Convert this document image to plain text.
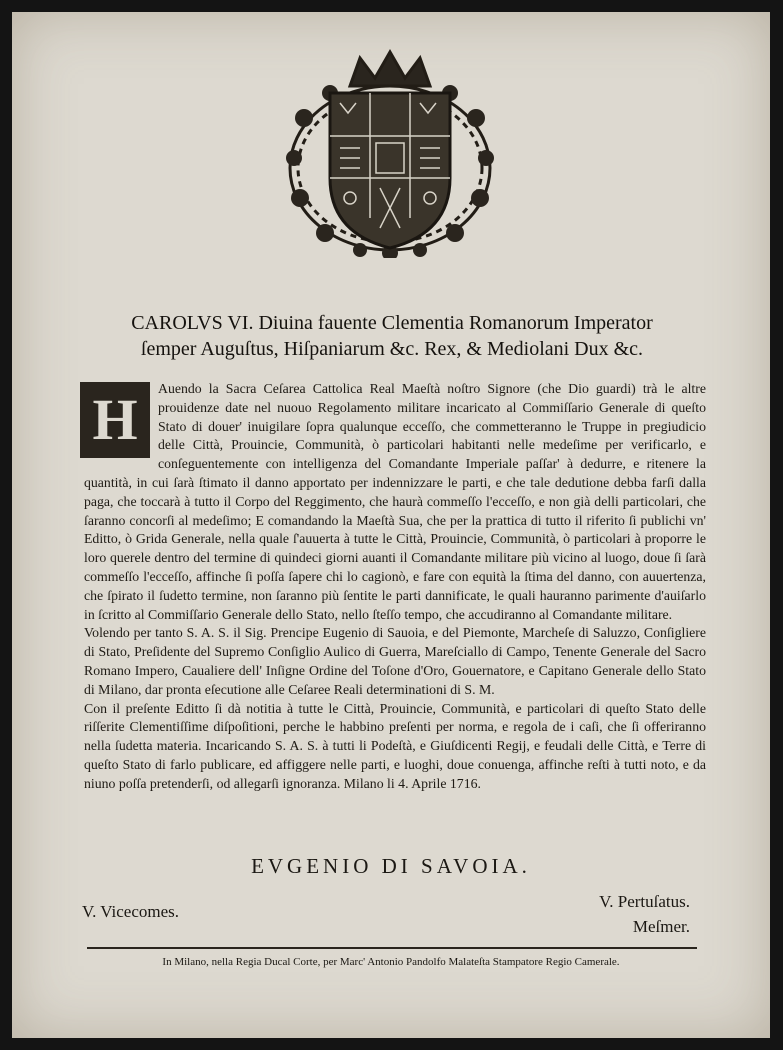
CAROLVS VI. Diuina fauente Clementia Romanorum Imperator
ſemper Auguſtus, Hiſpaniarum &c. Rex, & Mediolani Dux &c.
H	Auendo la Sacra Ceſarea Cattolica Real Maeſtà noſtro Signore (che Dio guardi) trà le altre prouidenze date nel nuouo Regolamento militare incaricato al Commiſſario Generale di queſto Stato di douer' inuigilare ſopra qualunque ecceſſo, che commetteranno le Truppe in pregiudicio delle Città, Prouincie, Communità, ò particolari habitanti nelle medeſime per verificarlo, e conſeguentemente con intelligenza del Comandante Imperiale paſſar' à dedurre, e ritenere la quantità, in cui ſarà ſtimato il danno apportato per indennizzare le parti, e che tale dedutione debba farſi dalla paga, che toccarà à tutto il Corpo del Reggimento, che haurà commeſſo l'ecceſſo, e non già delli particolari, che ſaranno concorſi al medeſimo; E comandando la Maeſtà Sua, che per la prattica di tutto il riferito ſi publichi vn' Editto, ò Grida Generale, nella quale ſ'auuerta à tutte le Città, Prouincie, Communità, ò particolari à proporre le loro querele dentro del termine di quindeci giorni auanti il Comandante militare più vicino al luogo, doue ſi ſarà commeſſo l'ecceſſo, affinche ſi poſſa ſapere chi lo cagionò, e fare con equità la ſtima del danno, con auuertenza, che ſpirato il ſudetto termine, non ſaranno più ſentite le parti dannificate, le quali hauranno parimente d'auiſarlo in ſcritto al Commiſſario Generale dello Stato, nello ſteſſo tempo, che accudiranno al Comandante militare.

Volendo per tanto S. A. S. il Sig. Prencipe Eugenio di Sauoia, e del Piemonte, Marcheſe di Saluzzo, Conſigliere di Stato, Preſidente del Supremo Conſiglio Aulico di Guerra, Mareſciallo di Campo, Tenente Generale del Sacro Romano Impero, Caualiere dell' Inſigne Ordine del Toſone d'Oro, Gouernatore, e Capitano Generale dello Stato di Milano, dar pronta eſecutione alle Ceſaree Reali determinationi di S. M.

Con il preſente Editto ſi dà notitia à tutte le Città, Prouincie, Communità, e particolari di queſto Stato delle riſſerite Clementiſſime diſpoſitioni, perche le habbino preſenti per norma, e regola de i caſi, che ſi offeriranno nella ſudetta materia. Incaricando S. A. S. à tutti li Podeſtà, e Giuſdicenti Regij, e feudali delle Città, e Terre di queſto Stato di farlo publicare, ed affiggere nelle parti, e luoghi, doue conuenga, affinche reſti à tutti noto, e da niuno poſſa pretenderſi, od allegarſi ignoranza. Milano li 4. Aprile 1716.

EVGENIO DI SAVOIA.
V. Vicecomes.
V. Pertuſatus.
Meſmer.
In Milano, nella Regia Ducal Corte, per Marc' Antonio Pandolfo Malateſta Stampatore Regio Camerale.
